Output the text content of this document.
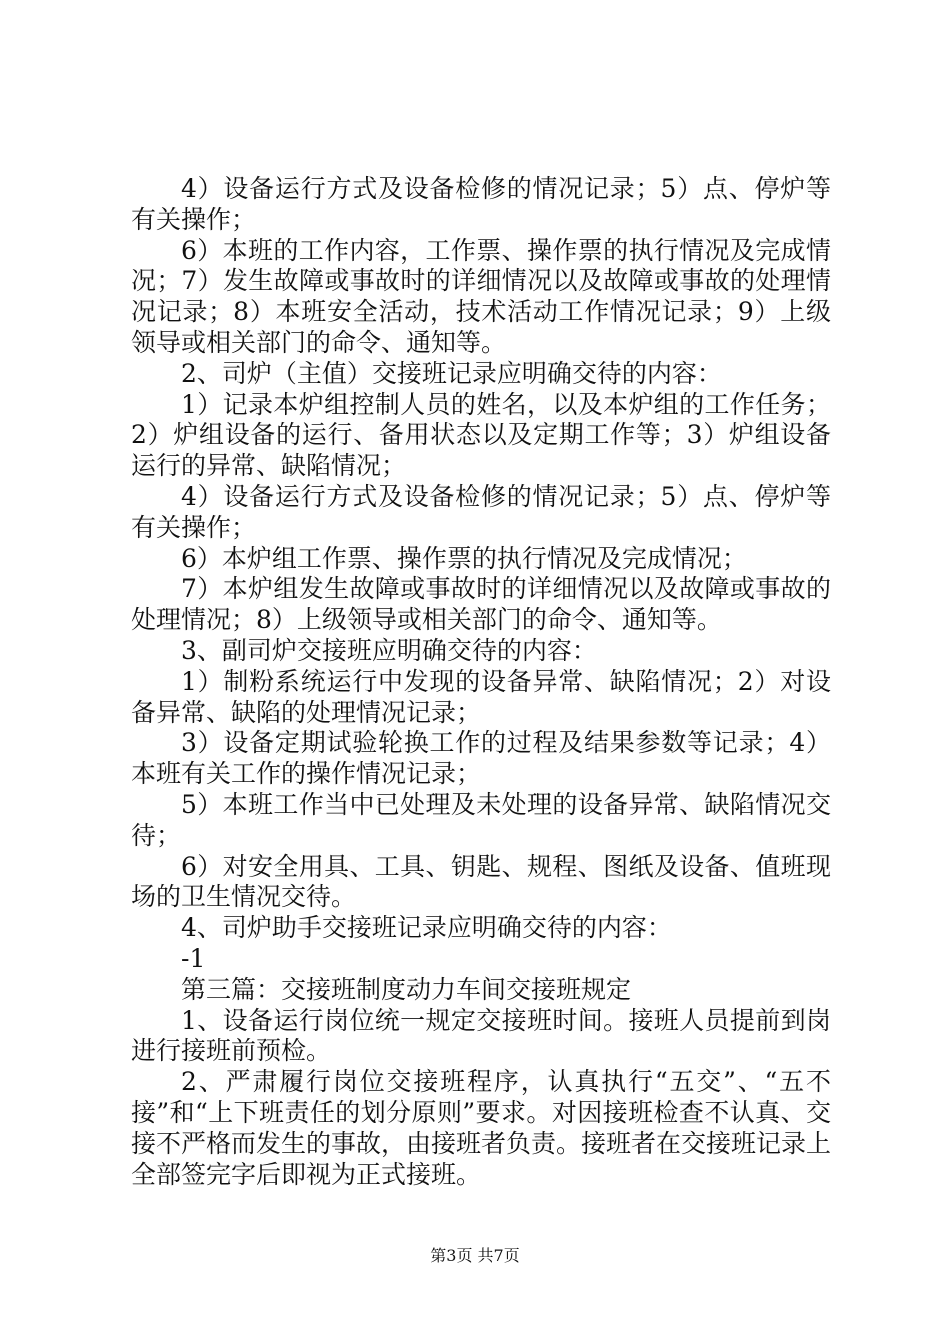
4）设备运行方式及设备检修的情况记录；5）点、停炉等有关操作；

6）本班的工作内容，工作票、操作票的执行情况及完成情况；7）发生故障或事故时的详细情况以及故障或事故的处理情况记录；8）本班安全活动，技术活动工作情况记录；9）上级领导或相关部门的命令、通知等。

2、司炉（主值）交接班记录应明确交待的内容：

1）记录本炉组控制人员的姓名，以及本炉组的工作任务；2）炉组设备的运行、备用状态以及定期工作等；3）炉组设备运行的异常、缺陷情况；

4）设备运行方式及设备检修的情况记录；5）点、停炉等有关操作；

6）本炉组工作票、操作票的执行情况及完成情况；

7）本炉组发生故障或事故时的详细情况以及故障或事故的处理情况；8）上级领导或相关部门的命令、通知等。

3、副司炉交接班应明确交待的内容：

1）制粉系统运行中发现的设备异常、缺陷情况；2）对设备异常、缺陷的处理情况记录；

3）设备定期试验轮换工作的过程及结果参数等记录；4）本班有关工作的操作情况记录；

5）本班工作当中已处理及未处理的设备异常、缺陷情况交待；

6）对安全用具、工具、钥匙、规程、图纸及设备、值班现场的卫生情况交待。

4、司炉助手交接班记录应明确交待的内容：

-1

第三篇：交接班制度动力车间交接班规定

1、设备运行岗位统一规定交接班时间。接班人员提前到岗进行接班前预检。

2、严肃履行岗位交接班程序，认真执行“五交”、“五不接”和“上下班责任的划分原则”要求。对因接班检查不认真、交接不严格而发生的事故，由接班者负责。接班者在交接班记录上全部签完字后即视为正式接班。

第3页 共7页
